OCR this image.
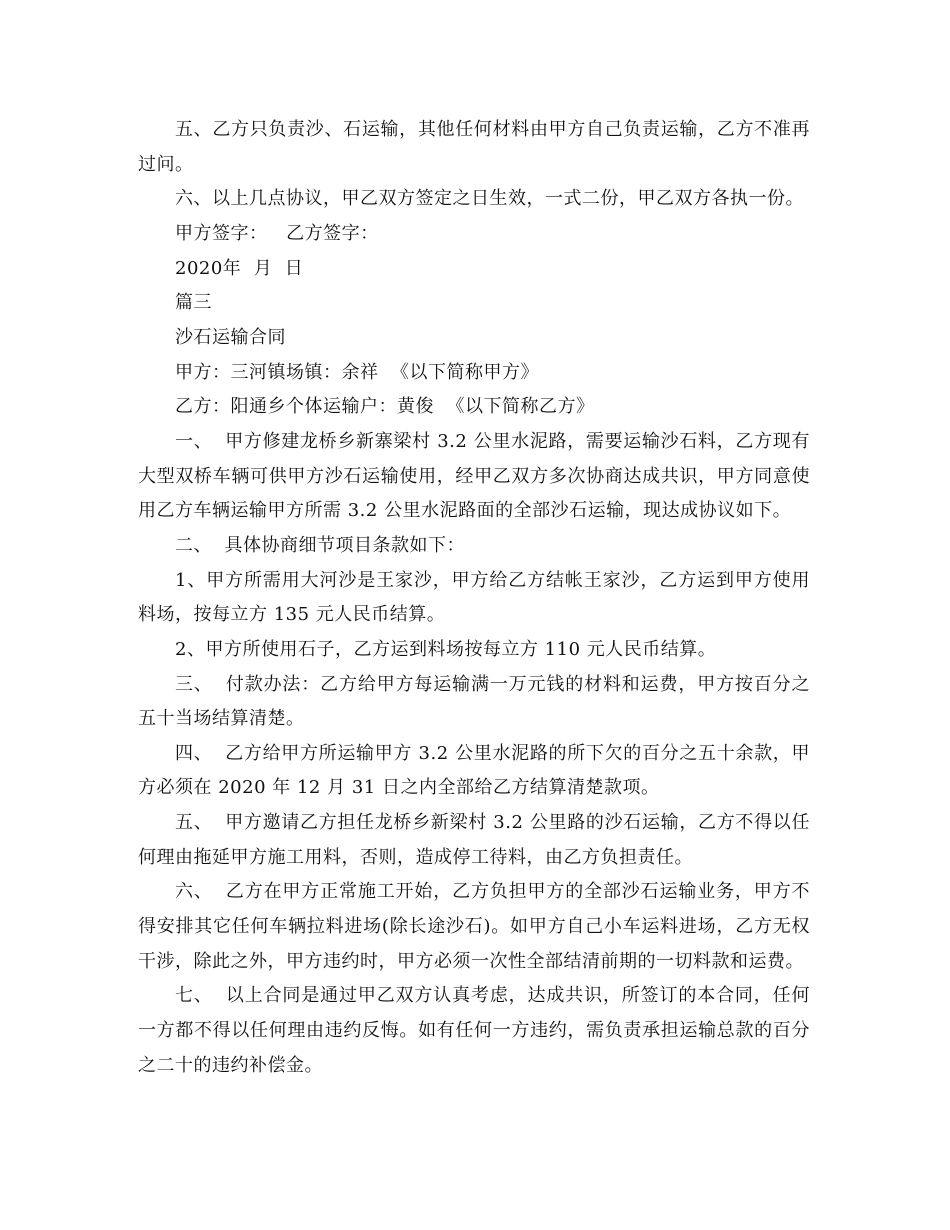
五、乙方只负责沙、石运输，其他任何材料由甲方自己负责运输，乙方不准再
过问。
六、以上几点协议，甲乙双方签定之日生效，一式二份，甲乙双方各执一份。
甲方签字：   乙方签字：
2020年  月  日
篇三
沙石运输合同
甲方：三河镇场镇：余祥  《以下简称甲方》
乙方：阳通乡个体运输户：黄俊  《以下简称乙方》
一、  甲方修建龙桥乡新寨梁村 3.2 公里水泥路，需要运输沙石料，乙方现有
大型双桥车辆可供甲方沙石运输使用，经甲乙双方多次协商达成共识，甲方同意使
用乙方车辆运输甲方所需 3.2 公里水泥路面的全部沙石运输，现达成协议如下。
二、  具体协商细节项目条款如下：
1、甲方所需用大河沙是王家沙，甲方给乙方结帐王家沙，乙方运到甲方使用
料场，按每立方 135 元人民币结算。
2、甲方所使用石子，乙方运到料场按每立方 110 元人民币结算。
三、  付款办法：乙方给甲方每运输满一万元钱的材料和运费，甲方按百分之
五十当场结算清楚。
四、  乙方给甲方所运输甲方 3.2 公里水泥路的所下欠的百分之五十余款，甲
方必须在 2020 年 12 月 31 日之内全部给乙方结算清楚款项。
五、  甲方邀请乙方担任龙桥乡新梁村 3.2 公里路的沙石运输，乙方不得以任
何理由拖延甲方施工用料，否则，造成停工待料，由乙方负担责任。
六、  乙方在甲方正常施工开始，乙方负担甲方的全部沙石运输业务，甲方不
得安排其它任何车辆拉料进场(除长途沙石)。如甲方自己小车运料进场，乙方无权
干涉，除此之外，甲方违约时，甲方必须一次性全部结清前期的一切料款和运费。
七、  以上合同是通过甲乙双方认真考虑，达成共识，所签订的本合同，任何
一方都不得以任何理由违约反悔。如有任何一方违约，需负责承担运输总款的百分
之二十的违约补偿金。
